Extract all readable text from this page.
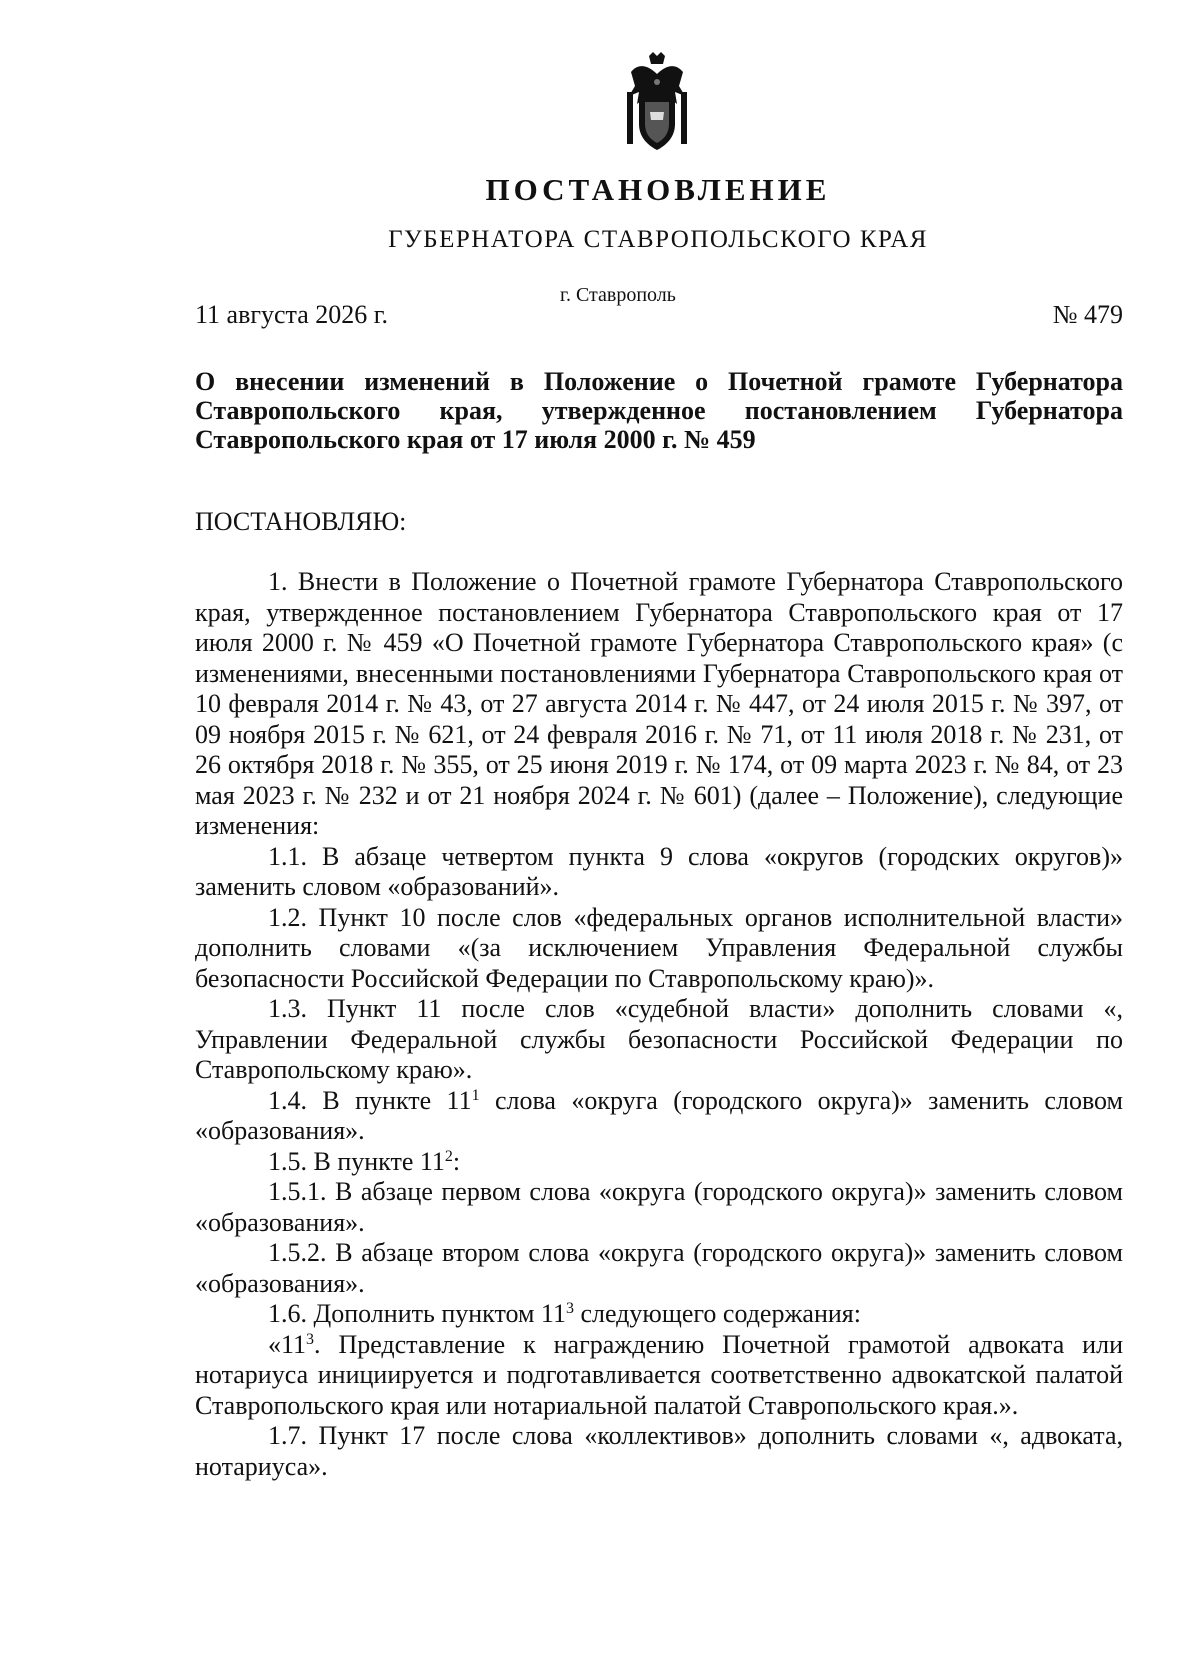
ПОСТАНОВЛЕНИЕ
ГУБЕРНАТОРА СТАВРОПОЛЬСКОГО КРАЯ
11 августа 2026 г.
г. Ставрополь
№ 479
О внесении изменений в Положение о Почетной грамоте Губернатора Ставропольского края, утвержденное постановлением Губернатора Ставропольского края от 17 июля 2000 г. № 459
ПОСТАНОВЛЯЮ:

1. Внести в Положение о Почетной грамоте Губернатора Ставропольского края, утвержденное постановлением Губернатора Ставропольского края от 17 июля 2000 г. № 459 «О Почетной грамоте Губернатора Ставропольского края» (с изменениями, внесенными постановлениями Губернатора Ставропольского края от 10 февраля 2014 г. № 43, от 27 августа 2014 г. № 447, от 24 июля 2015 г. № 397, от 09 ноября 2015 г. № 621, от 24 февраля 2016 г. № 71, от 11 июля 2018 г. № 231, от 26 октября 2018 г. № 355, от 25 июня 2019 г. № 174, от 09 марта 2023 г. № 84, от 23 мая 2023 г. № 232 и от 21 ноября 2024 г. № 601) (далее – Положение), следующие изменения:

1.1. В абзаце четвертом пункта 9 слова «округов (городских округов)» заменить словом «образований».

1.2. Пункт 10 после слов «федеральных органов исполнительной власти» дополнить словами «(за исключением Управления Федеральной службы безопасности Российской Федерации по Ставропольскому краю)».

1.3. Пункт 11 после слов «судебной власти» дополнить словами «, Управлении Федеральной службы безопасности Российской Федерации по Ставропольскому краю».

1.4. В пункте $11^1$ слова «округа (городского округа)» заменить словом «образования».

1.5. В пункте $11^2$:

1.5.1. В абзаце первом слова «округа (городского округа)» заменить словом «образования».

1.5.2. В абзаце втором слова «округа (городского округа)» заменить словом «образования».

1.6. Дополнить пунктом $11^3$ следующего содержания:

«$11^3$. Представление к награждению Почетной грамотой адвоката или нотариуса инициируется и подготавливается соответственно адвокатской палатой Ставропольского края или нотариальной палатой Ставропольского края.».

1.7. Пункт 17 после слова «коллективов» дополнить словами «, адвоката, нотариуса».
